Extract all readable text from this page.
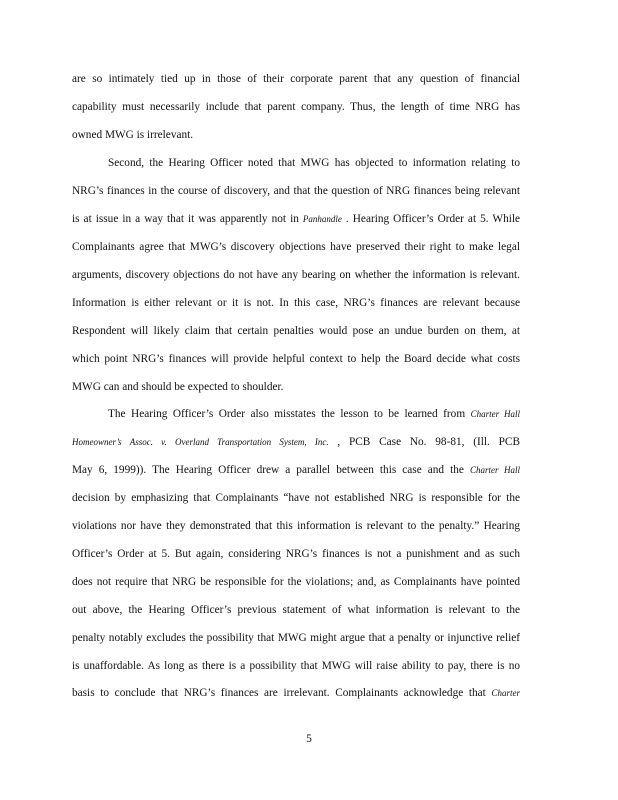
are so intimately tied up in those of their corporate parent that any question of financial
capability must necessarily include that parent company. Thus, the length of time NRG has
owned MWG is irrelevant.
Second, the Hearing Officer noted that MWG has objected to information relating to
NRG’s finances in the course of discovery, and that the question of NRG finances being relevant
is at issue in a way that it was apparently not in Panhandle . Hearing Officer’s Order at 5. While
Complainants agree that MWG’s discovery objections have preserved their right to make legal
arguments, discovery objections do not have any bearing on whether the information is relevant.
Information is either relevant or it is not. In this case, NRG’s finances are relevant because
Respondent will likely claim that certain penalties would pose an undue burden on them, at
which point NRG’s finances will provide helpful context to help the Board decide what costs
MWG can and should be expected to shoulder.
The Hearing Officer’s Order also misstates the lesson to be learned from Charter Hall
Homeowner’s Assoc. v. Overland Transportation System, Inc. , PCB Case No. 98-81, (Ill. PCB
May 6, 1999)). The Hearing Officer drew a parallel between this case and the Charter Hall
decision by emphasizing that Complainants “have not established NRG is responsible for the
violations nor have they demonstrated that this information is relevant to the penalty.” Hearing
Officer’s Order at 5. But again, considering NRG’s finances is not a punishment and as such
does not require that NRG be responsible for the violations; and, as Complainants have pointed
out above, the Hearing Officer’s previous statement of what information is relevant to the
penalty notably excludes the possibility that MWG might argue that a penalty or injunctive relief
is unaffordable. As long as there is a possibility that MWG will raise ability to pay, there is no
basis to conclude that NRG’s finances are irrelevant. Complainants acknowledge that Charter
5
